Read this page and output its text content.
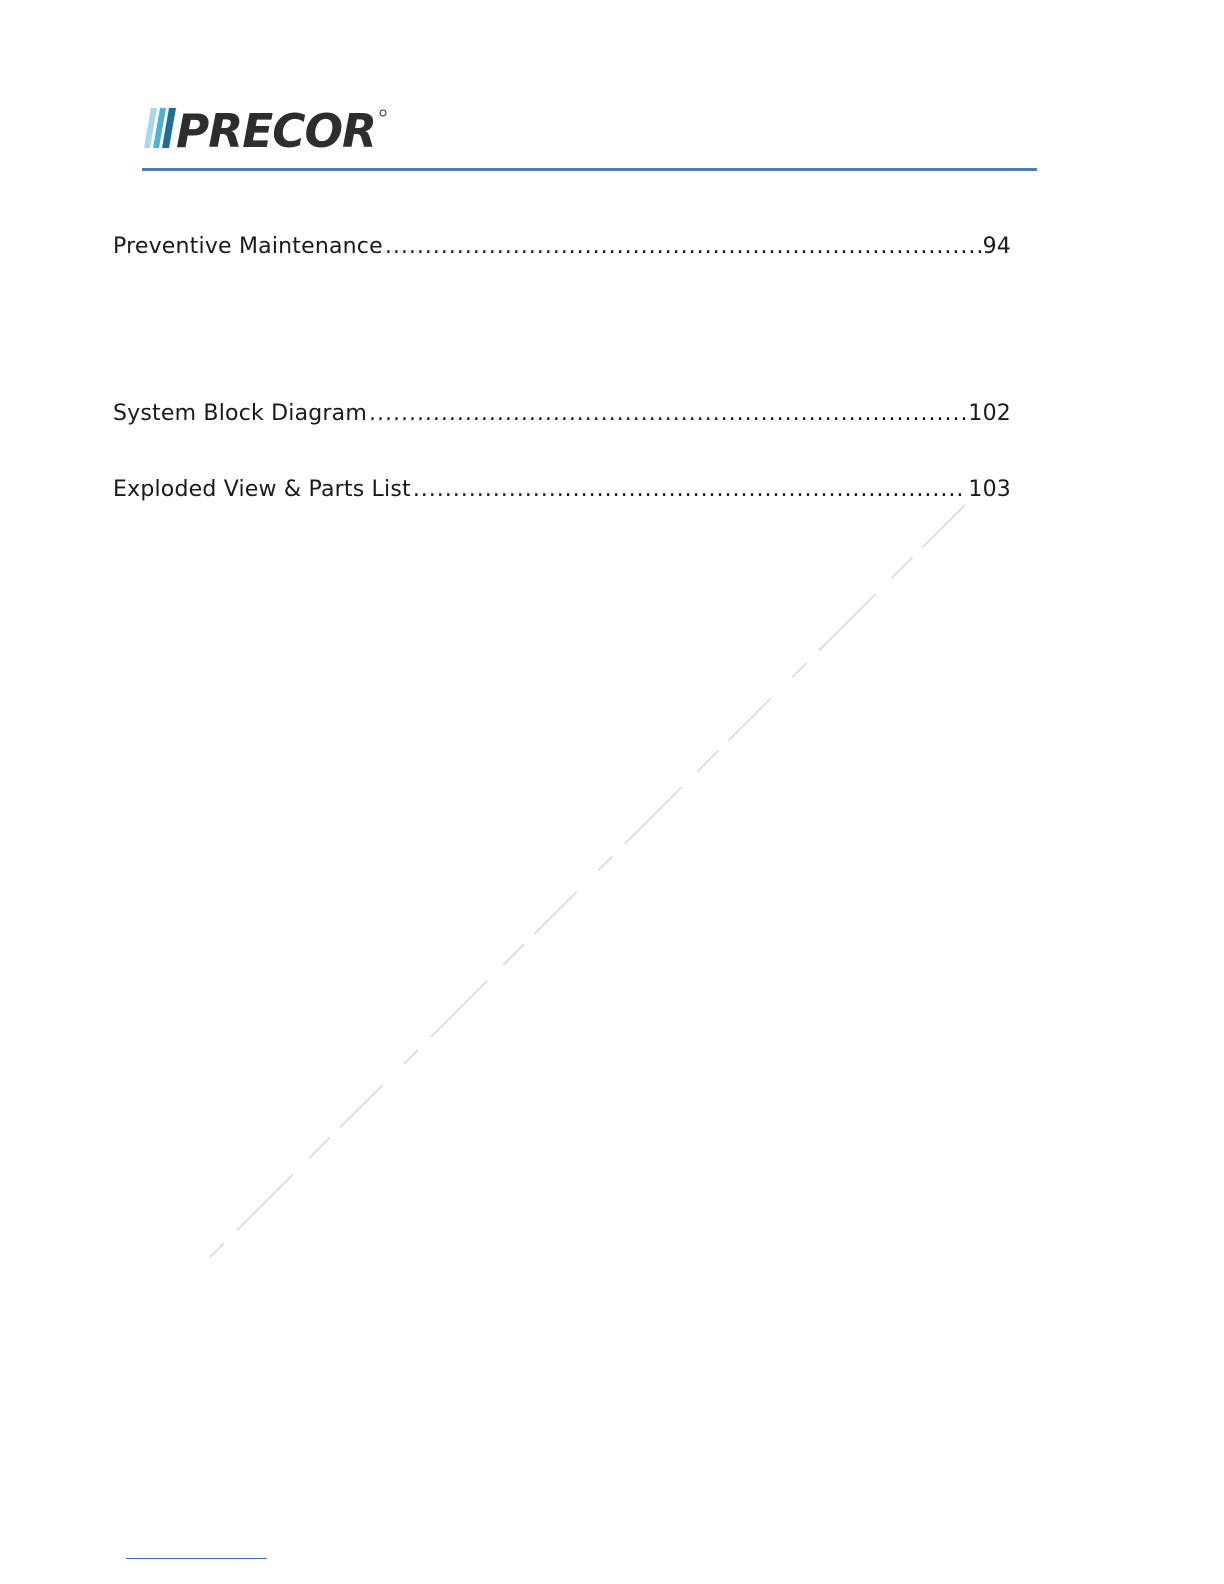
PRECOR
Preventive Maintenance .....	94
System Block Diagram .....	102
Exploded View & Parts List .....	103
